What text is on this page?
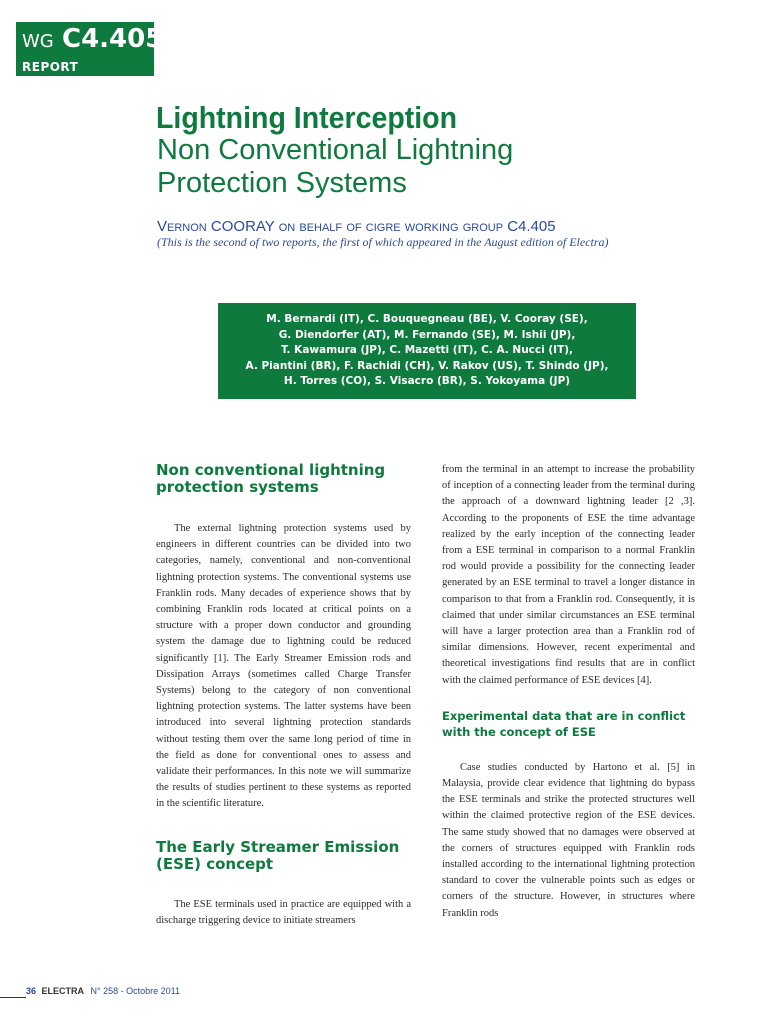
WG C4.405
REPORT
Lightning Interception
Non Conventional Lightning Protection Systems
Vernon COORAY on behalf of cigre working group C4.405
(This is the second of two reports, the first of which appeared in the August edition of Electra)
M. Bernardi (IT), C. Bouquegneau (BE), V. Cooray (SE),
G. Diendorfer (AT), M. Fernando (SE), M. Ishii (JP),
T. Kawamura (JP), C. Mazetti (IT), C. A. Nucci (IT),
A. Piantini (BR), F. Rachidi (CH), V. Rakov (US), T. Shindo (JP),
H. Torres (CO), S. Visacro (BR), S. Yokoyama (JP)
Non conventional lightning protection systems

The external lightning protection systems used by engineers in different countries can be divided into two categories, namely, conventional and non-conventional lightning protection systems. The conventional systems use Franklin rods. Many decades of experience shows that by combining Franklin rods located at critical points on a structure with a proper down conductor and grounding system the damage due to lightning could be reduced significantly [1]. The Early Streamer Emission rods and Dissipation Arrays (sometimes called Charge Transfer Systems) belong to the category of non conventional lightning protection systems. The latter systems have been introduced into several lightning protection standards without testing them over the same long period of time in the field as done for conventional ones to assess and validate their performances. In this note we will summarize the results of studies pertinent to these systems as reported in the scientific literature.

The Early Streamer Emission (ESE) concept

The ESE terminals used in practice are equipped with a discharge triggering device to initiate streamers

from the terminal in an attempt to increase the probability of inception of a connecting leader from the terminal during the approach of a downward lightning leader [2 ,3]. According to the proponents of ESE the time advantage realized by the early inception of the connecting leader from a ESE terminal in comparison to a normal Franklin rod would provide a possibility for the connecting leader generated by an ESE terminal to travel a longer distance in comparison to that from a Franklin rod. Consequently, it is claimed that under similar circumstances an ESE terminal will have a larger protection area than a Franklin rod of similar dimensions. However, recent experimental and theoretical investigations find results that are in conflict with the claimed performance of ESE devices [4].

Experimental data that are in conflict with the concept of ESE

Case studies conducted by Hartono et al. [5] in Malaysia, provide clear evidence that lightning do bypass the ESE terminals and strike the protected structures well within the claimed protective region of the ESE devices. The same study showed that no damages were observed at the corners of structures equipped with Franklin rods installed according to the international lightning protection standard to cover the vulnerable points such as edges or corners of the structure. However, in structures where Franklin rods

36 ELECTRA N° 258 - Octobre 2011
